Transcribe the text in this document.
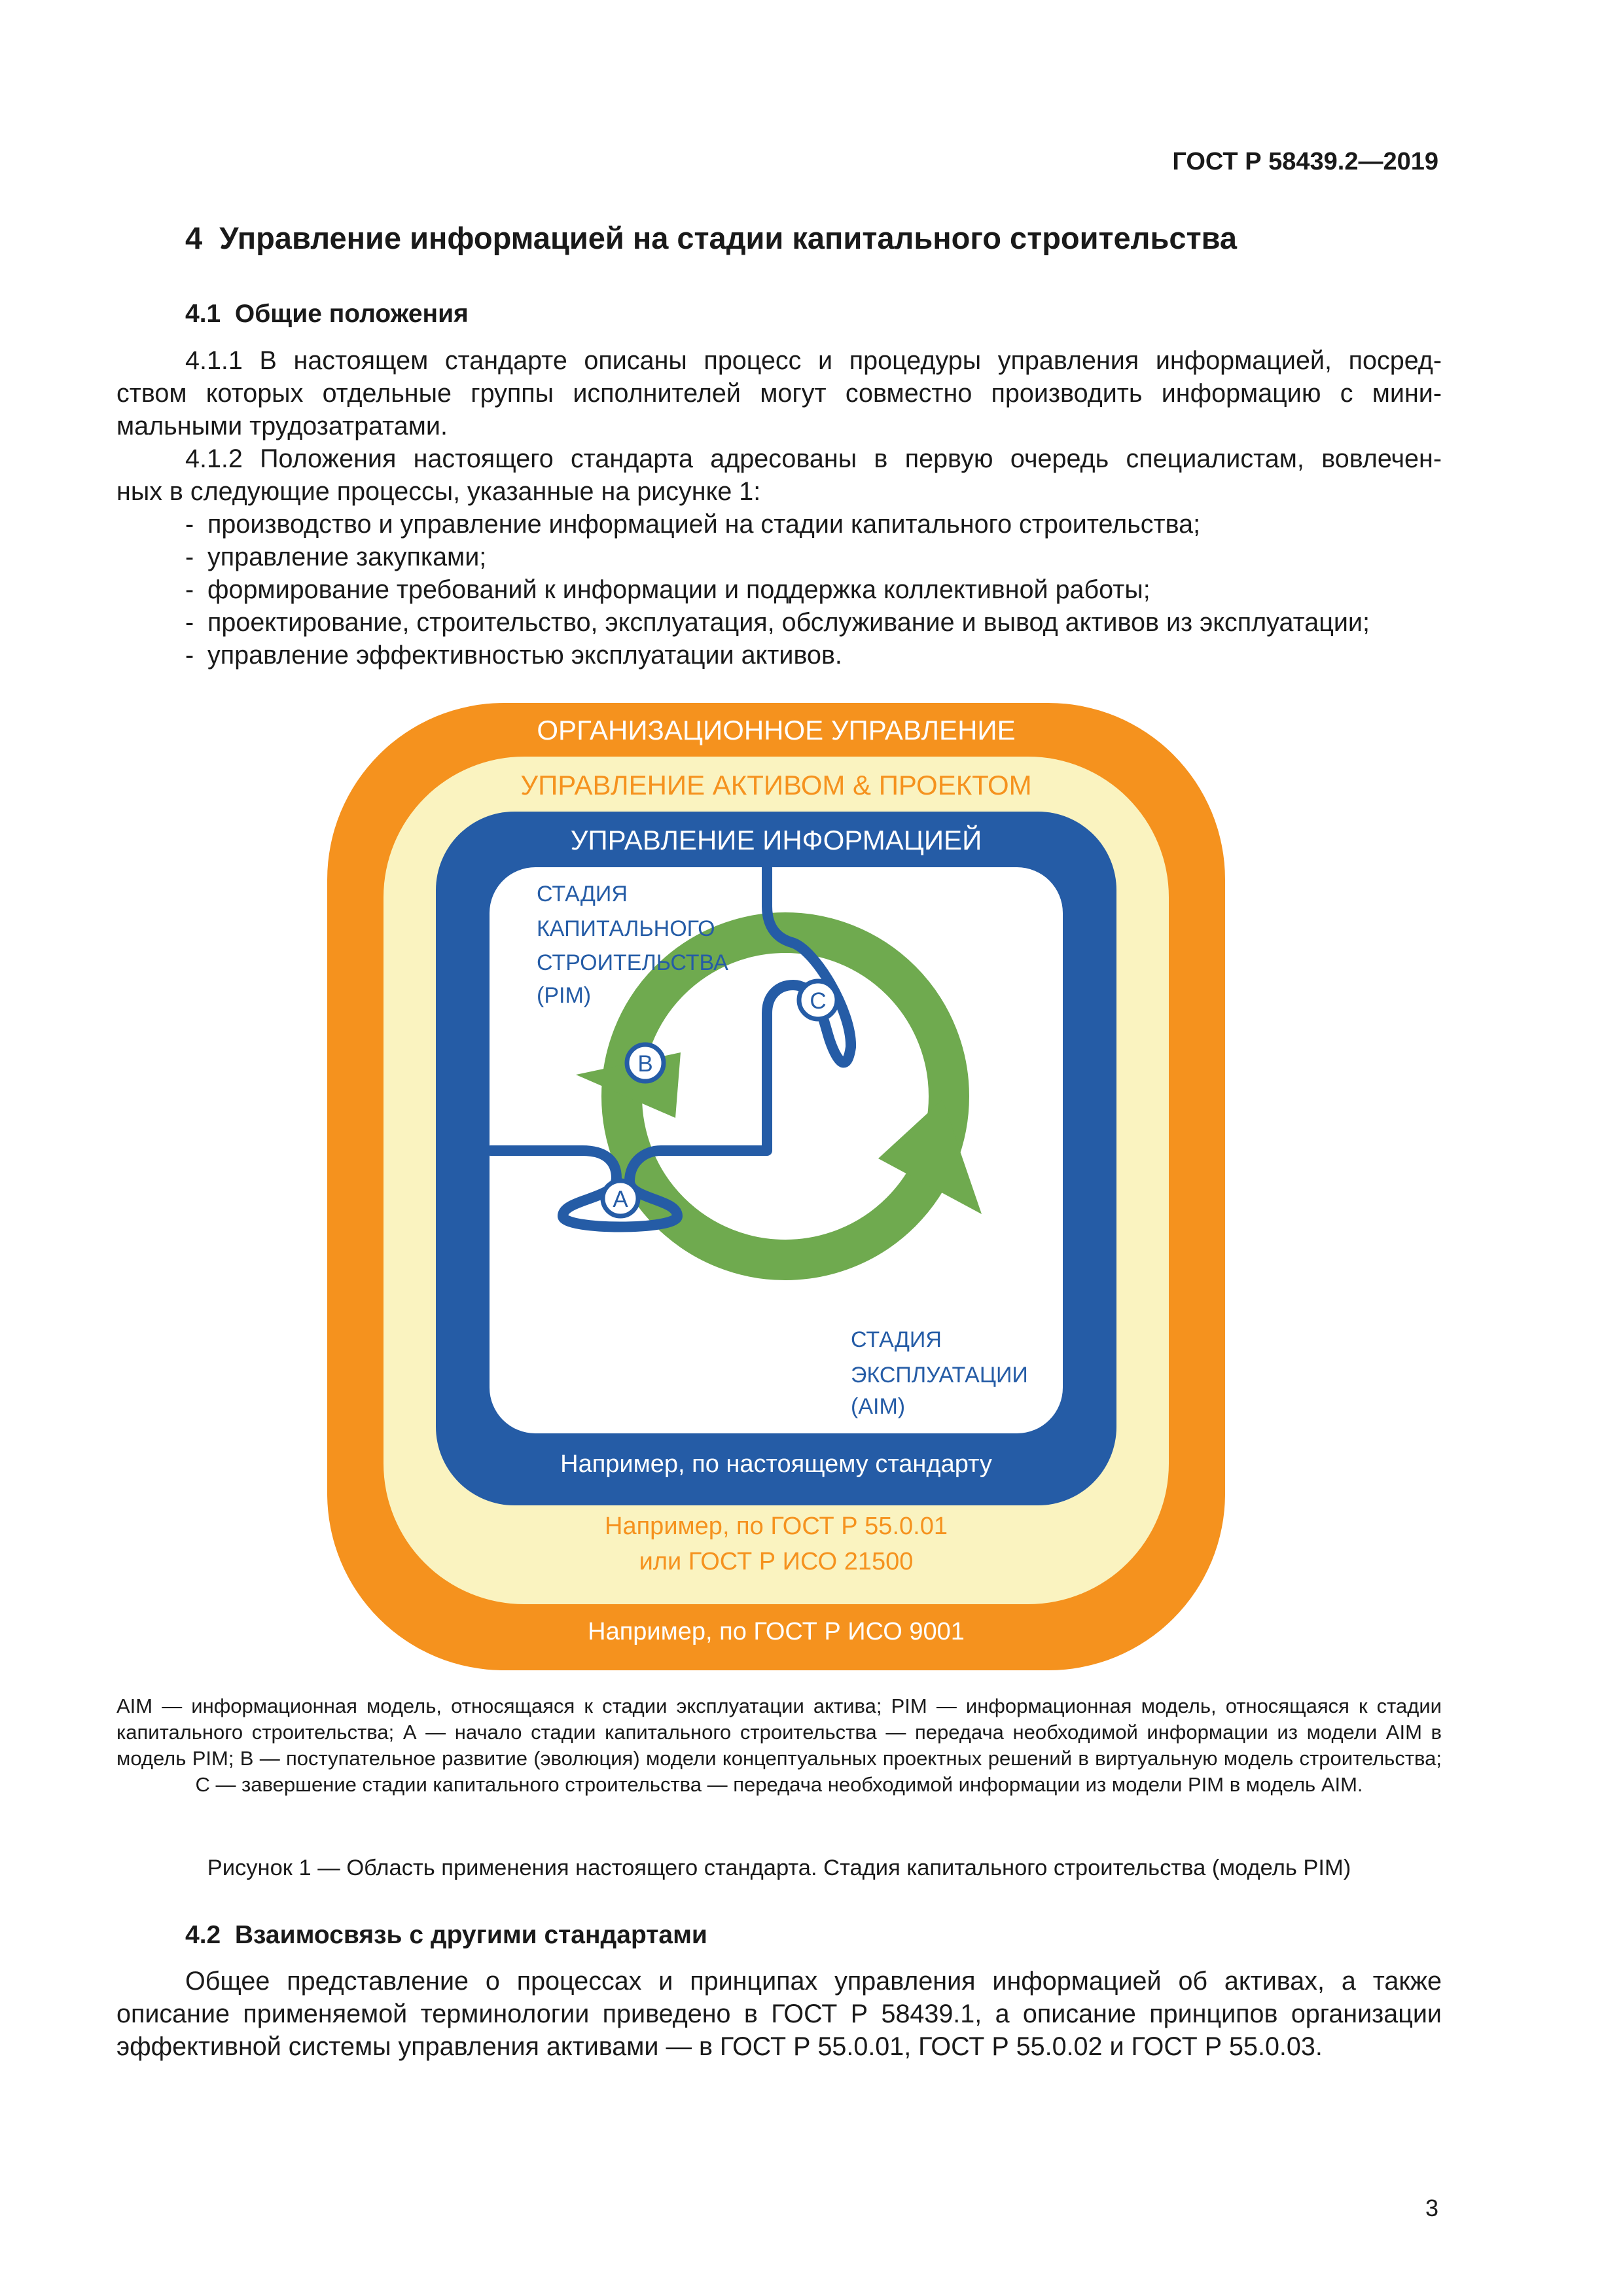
ГОСТ Р 58439.2—2019
4  Управление информацией на стадии капитального строительства
4.1  Общие положения
4.1.1 В настоящем стандарте описаны процесс и процедуры управления информацией, посред-
ством которых отдельные группы исполнителей могут совместно производить информацию с мини-
мальными трудозатратами.
4.1.2 Положения настоящего стандарта адресованы в первую очередь специалистам, вовлечен-
ных в следующие процессы, указанные на рисунке 1:
- производство и управление информацией на стадии капитального строительства;
- управление закупками;
- формирование требований к информации и поддержка коллективной работы;
- проектирование, строительство, эксплуатация, обслуживание и вывод активов из эксплуатации;
- управление эффективностью эксплуатации активов.
A
B
C
ОРГАНИЗАЦИОННОЕ УПРАВЛЕНИЕ
УПРАВЛЕНИЕ АКТИВОМ & ПРОЕКТОМ
УПРАВЛЕНИЕ ИНФОРМАЦИЕЙ
СТАДИЯ
КАПИТАЛЬНОГО
СТРОИТЕЛЬСТВА
(PIM)
СТАДИЯ
ЭКСПЛУАТАЦИИ
(AIM)
Например, по настоящему стандарту
Например, по ГОСТ Р 55.0.01
или ГОСТ Р ИСО 21500
Например, по ГОСТ Р ИСО 9001
AIM — информационная модель, относящаяся к стадии эксплуатации актива; PIM — информационная модель, относящаяся к стадии капитального строительства; А — начало стадии капитального строительства — передача необходимой информации из модели AIM в модель PIM; В — поступательное развитие (эволюция) модели концептуальных проектных решений в виртуальную модель строительства; С — завершение стадии капитального строительства — передача необходимой информации из модели PIM в модель AIM.
Рисунок 1 — Область применения настоящего стандарта. Стадия капитального строительства (модель PIM)
4.2  Взаимосвязь с другими стандартами
Общее представление о процессах и принципах управления информацией об активах, а также
описание применяемой терминологии приведено в ГОСТ Р 58439.1, а описание принципов организации
эффективной системы управления активами — в ГОСТ Р 55.0.01, ГОСТ Р 55.0.02 и ГОСТ Р 55.0.03.
3
